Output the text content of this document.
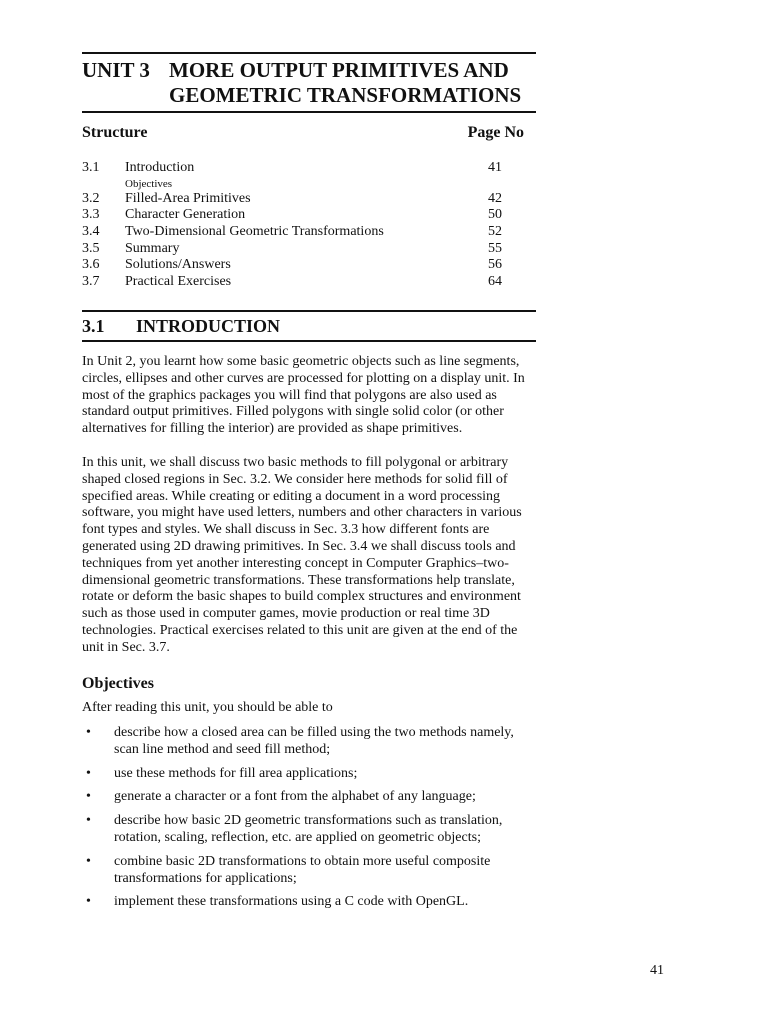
UNIT 3 MORE OUTPUT PRIMITIVES AND
GEOMETRIC TRANSFORMATIONS
Structure	Page No
3.1	Introduction	41
Objectives
3.2	Filled-Area Primitives	42
3.3	Character Generation	50
3.4	Two-Dimensional Geometric Transformations	52
3.5	Summary	55
3.6	Solutions/Answers	56
3.7	Practical Exercises	64
3.1	INTRODUCTION

In Unit 2, you learnt how some basic geometric objects such as line segments, circles, ellipses and other curves are processed for plotting on a display unit. In most of the graphics packages you will find that polygons are also used as standard output primitives. Filled polygons with single solid color (or other alternatives for filling the interior) are provided as shape primitives.

In this unit, we shall discuss two basic methods to fill polygonal or arbitrary shaped closed regions in Sec. 3.2. We consider here methods for solid fill of specified areas. While creating or editing a document in a word processing software, you might have used letters, numbers and other characters in various font types and styles. We shall discuss in Sec. 3.3 how different fonts are generated using 2D drawing primitives. In Sec. 3.4 we shall discuss tools and techniques from yet another interesting concept in Computer Graphics–two-dimensional geometric transformations. These transformations help translate, rotate or deform the basic shapes to build complex structures and environment such as those used in computer games, movie production or real time 3D technologies. Practical exercises related to this unit are given at the end of the unit in Sec. 3.7.

Objectives
After reading this unit, you should be able to
•	describe how a closed area can be filled using the two methods namely, scan line method and seed fill method;
•	use these methods for fill area applications;
•	generate a character or a font from the alphabet of any language;
•	describe how basic 2D geometric transformations such as translation, rotation, scaling, reflection, etc. are applied on geometric objects;
•	combine basic 2D transformations to obtain more useful composite transformations for applications;
•	implement these transformations using a C code with OpenGL.
41
